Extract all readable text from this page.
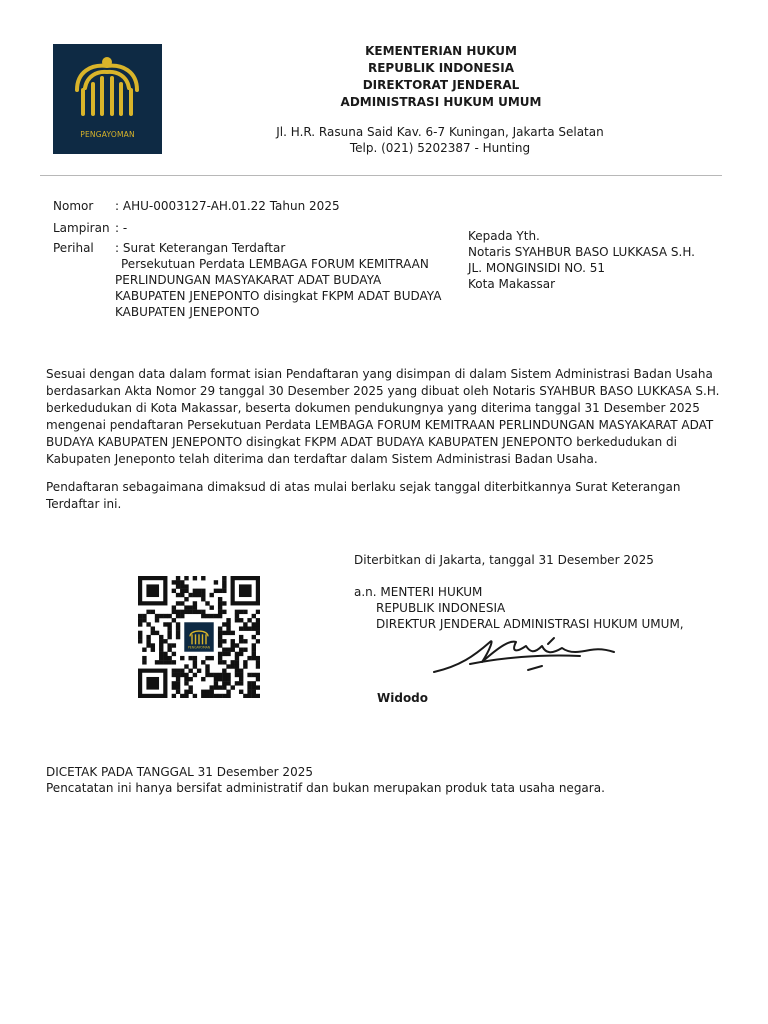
PENGAYOMAN
KEMENTERIAN HUKUM
REPUBLIK INDONESIA
DIREKTORAT JENDERAL
ADMINISTRASI HUKUM UMUM
Jl. H.R. Rasuna Said Kav. 6-7 Kuningan, Jakarta Selatan
Telp. (021) 5202387 - Hunting
Nomor : AHU-0003127-AH.01.22 Tahun 2025
Lampiran : -
Perihal : Surat Keterangan Terdaftar
Persekutuan Perdata LEMBAGA FORUM KEMITRAAN
PERLINDUNGAN MASYAKARAT ADAT BUDAYA
KABUPATEN JENEPONTO disingkat FKPM ADAT BUDAYA
KABUPATEN JENEPONTO
Kepada Yth.
Notaris SYAHBUR BASO LUKKASA S.H.
JL. MONGINSIDI NO. 51
Kota Makassar
Sesuai dengan data dalam format isian Pendaftaran yang disimpan di dalam Sistem Administrasi Badan Usaha berdasarkan Akta Nomor 29 tanggal 30 Desember 2025 yang dibuat oleh Notaris SYAHBUR BASO LUKKASA S.H. berkedudukan di Kota Makassar, beserta dokumen pendukungnya yang diterima tanggal 31 Desember 2025 mengenai pendaftaran Persekutuan Perdata LEMBAGA FORUM KEMITRAAN PERLINDUNGAN MASYAKARAT ADAT BUDAYA KABUPATEN JENEPONTO disingkat FKPM ADAT BUDAYA KABUPATEN JENEPONTO berkedudukan di Kabupaten Jeneponto telah diterima dan terdaftar dalam Sistem Administrasi Badan Usaha.
Pendaftaran sebagaimana dimaksud di atas mulai berlaku sejak tanggal diterbitkannya Surat Keterangan Terdaftar ini.
PENGAYOMAN
Diterbitkan di Jakarta, tanggal 31 Desember 2025
a.n. MENTERI HUKUM
REPUBLIK INDONESIA
DIREKTUR JENDERAL ADMINISTRASI HUKUM UMUM,
Widodo
DICETAK PADA TANGGAL 31 Desember 2025
Pencatatan ini hanya bersifat administratif dan bukan merupakan produk tata usaha negara.
